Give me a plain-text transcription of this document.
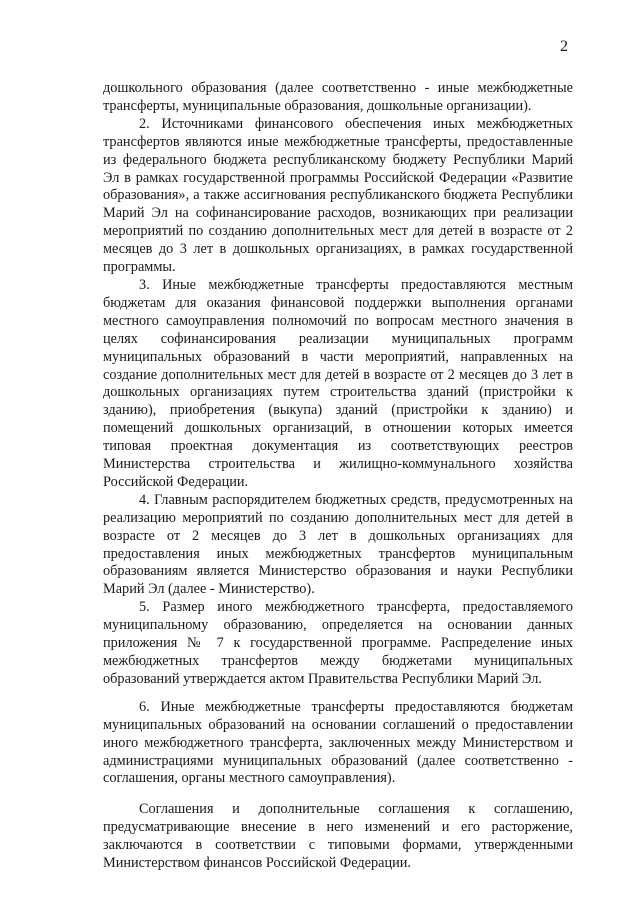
2

дошкольного образования (далее соответственно - иные межбюджетные трансферты, муниципальные образования, дошкольные организации).

2. Источниками финансового обеспечения иных межбюджетных трансфертов являются иные межбюджетные трансферты, предоставленные из федерального бюджета республиканскому бюджету Республики Марий Эл в рамках государственной программы Российской Федерации «Развитие образования», а также ассигнования республиканского бюджета Республики Марий Эл на софинансирование расходов, возникающих при реализации мероприятий по созданию дополнительных мест для детей в возрасте от 2 месяцев до 3 лет в дошкольных организациях, в рамках государственной программы.

3. Иные межбюджетные трансферты предоставляются местным бюджетам для оказания финансовой поддержки выполнения органами местного самоуправления полномочий по вопросам местного значения в целях софинансирования реализации муниципальных программ муниципальных образований в части мероприятий, направленных на создание дополнительных мест для детей в возрасте от 2 месяцев до 3 лет в дошкольных организациях путем строительства зданий (пристройки к зданию), приобретения (выкупа) зданий (пристройки к зданию) и помещений дошкольных организаций, в отношении которых имеется типовая проектная документация из соответствующих реестров Министерства строительства и жилищно-коммунального хозяйства Российской Федерации.

4. Главным распорядителем бюджетных средств, предусмотренных на реализацию мероприятий по созданию дополнительных мест для детей в возрасте от 2 месяцев до 3 лет в дошкольных организациях для предоставления иных межбюджетных трансфертов муниципальным образованиям является Министерство образования и науки Республики Марий Эл (далее - Министерство).

5. Размер иного межбюджетного трансферта, предоставляемого муниципальному образованию, определяется на основании данных приложения № 7 к государственной программе. Распределение иных межбюджетных трансфертов между бюджетами муниципальных образований утверждается актом Правительства Республики Марий Эл.

6. Иные межбюджетные трансферты предоставляются бюджетам муниципальных образований на основании соглашений о предоставлении иного межбюджетного трансферта, заключенных между Министерством и администрациями муниципальных образований (далее соответственно - соглашения, органы местного самоуправления).

Соглашения и дополнительные соглашения к соглашению, предусматривающие внесение в него изменений и его расторжение, заключаются в соответствии с типовыми формами, утвержденными Министерством финансов Российской Федерации.
